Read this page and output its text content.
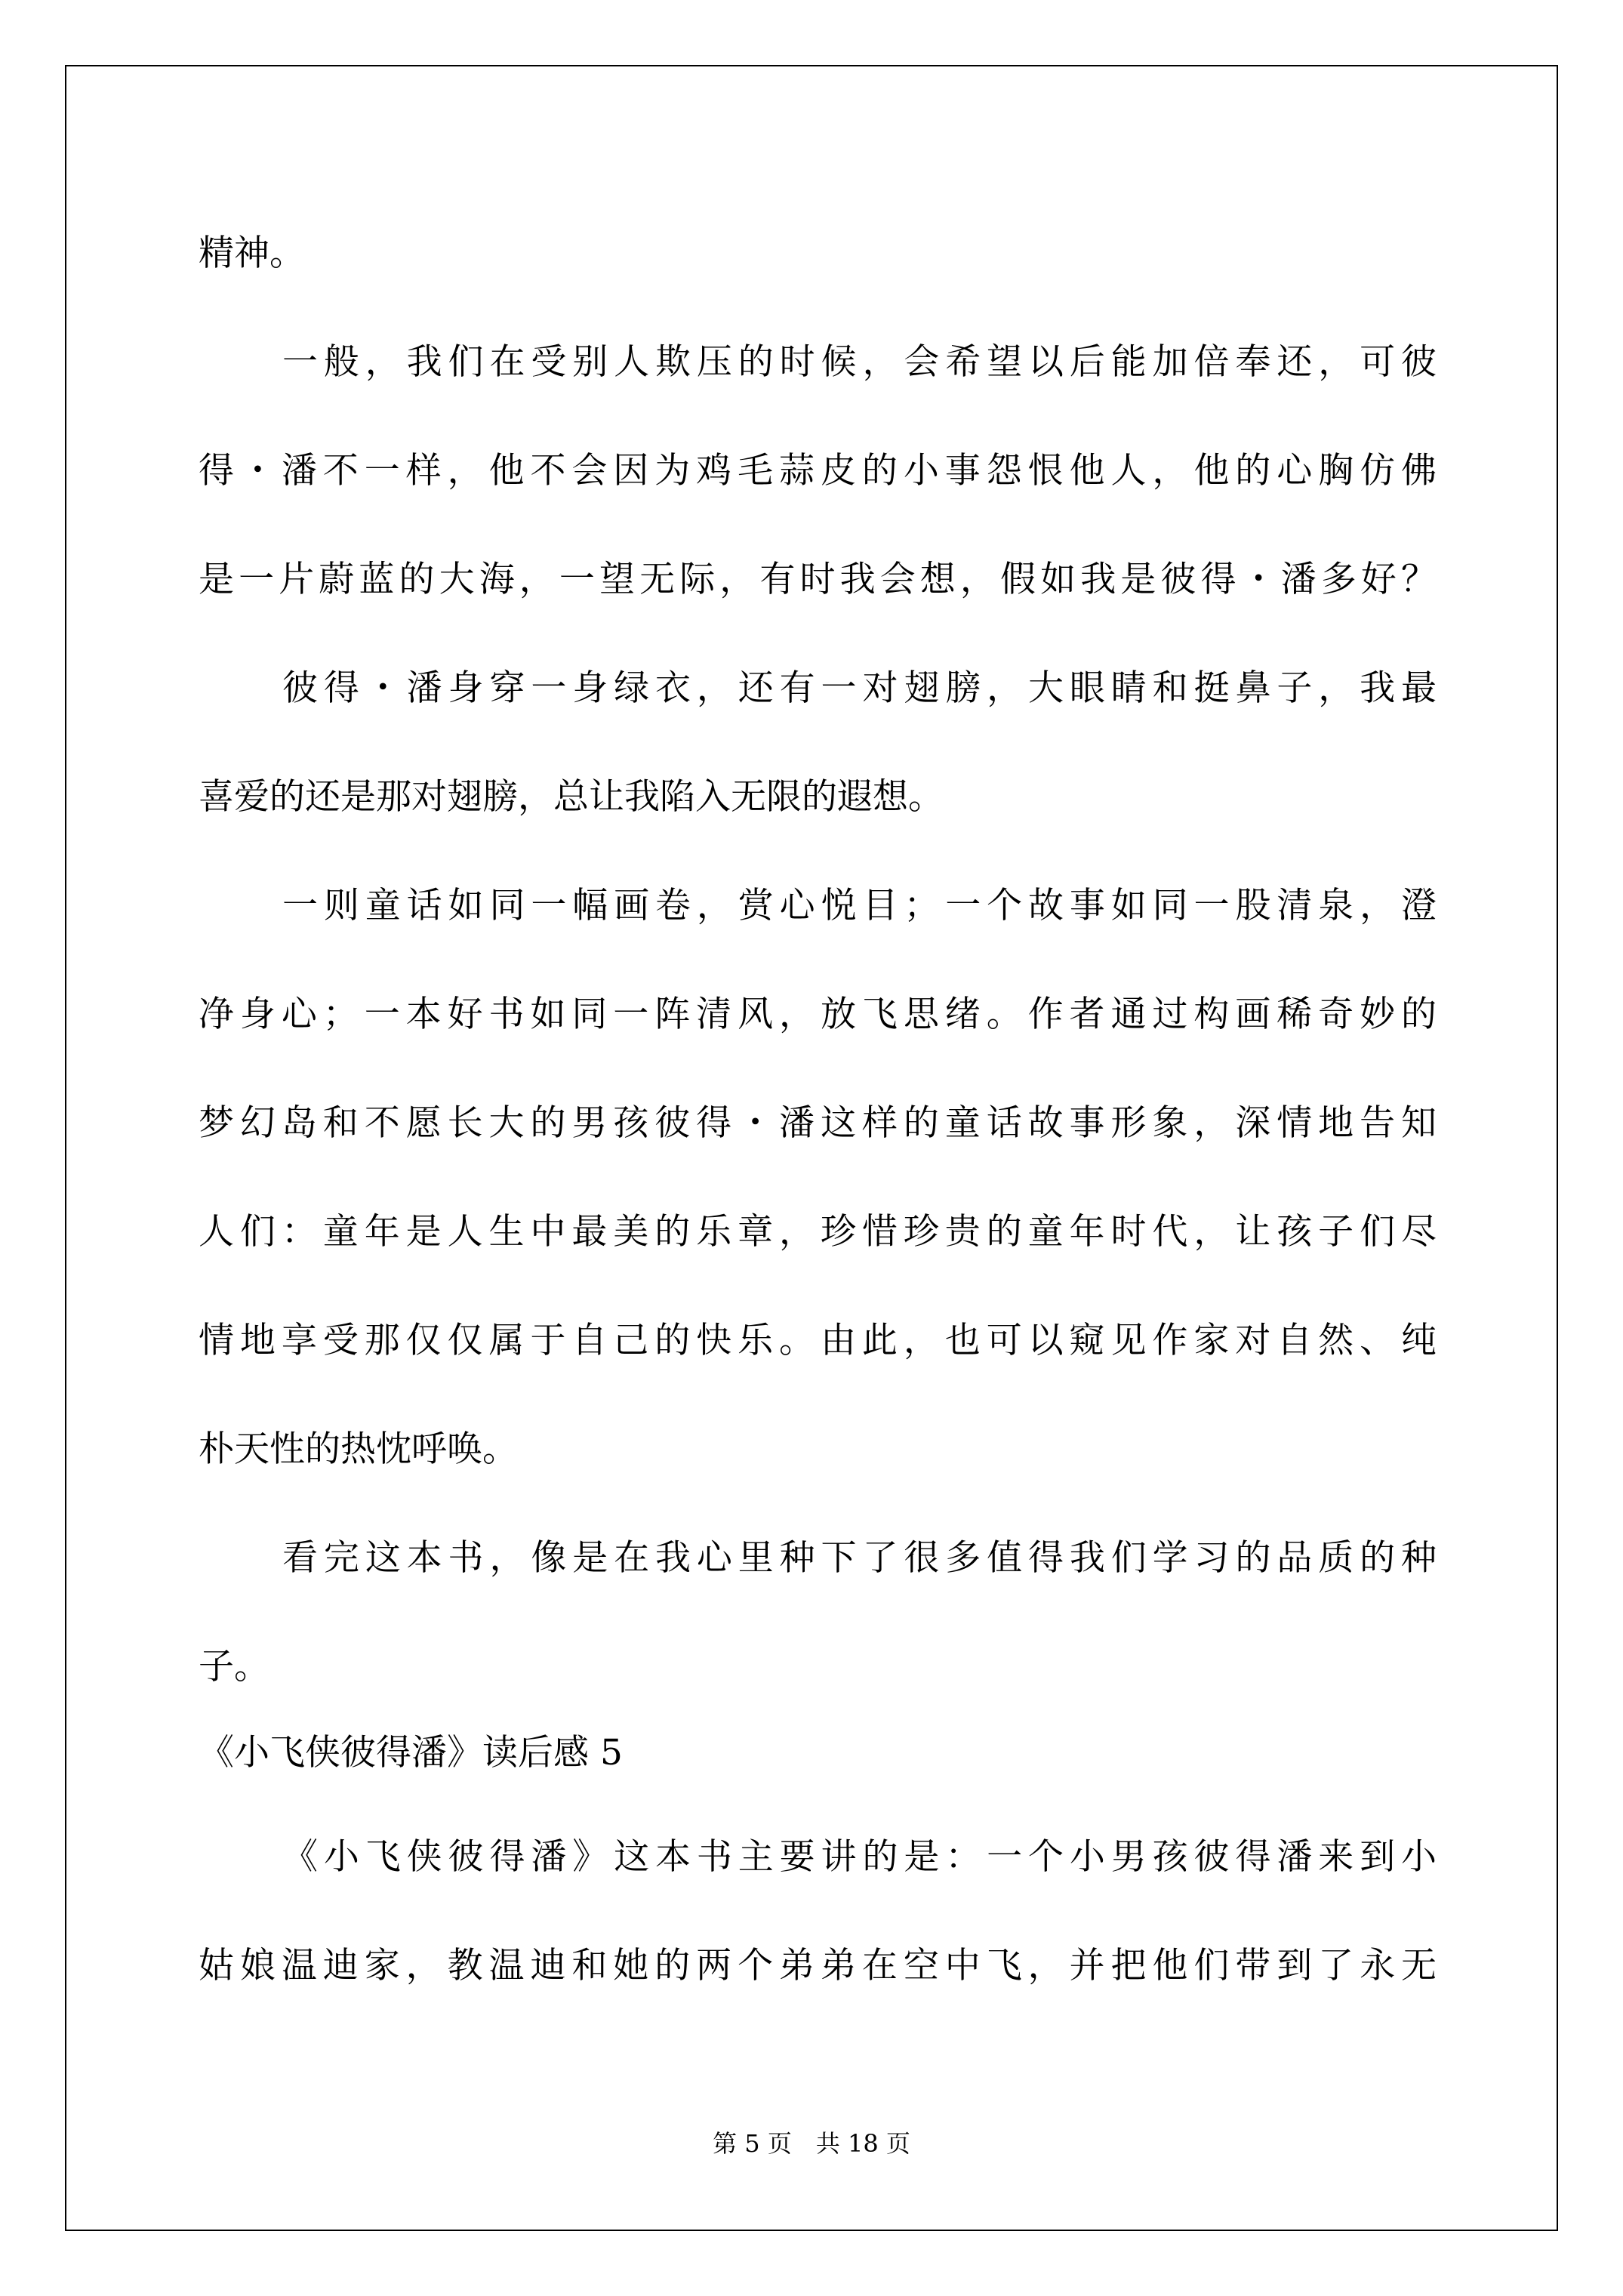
精神。

一般，我们在受别人欺压的时候，会希望以后能加倍奉还，可彼

得・潘不一样，他不会因为鸡毛蒜皮的小事怨恨他人，他的心胸仿佛

是一片蔚蓝的大海，一望无际，有时我会想，假如我是彼得・潘多好？

彼得・潘身穿一身绿衣，还有一对翅膀，大眼睛和挺鼻子，我最

喜爱的还是那对翅膀，总让我陷入无限的遐想。

一则童话如同一幅画卷，赏心悦目；一个故事如同一股清泉，澄

净身心；一本好书如同一阵清风，放飞思绪。作者通过构画稀奇妙的

梦幻岛和不愿长大的男孩彼得・潘这样的童话故事形象，深情地告知

人们：童年是人生中最美的乐章，珍惜珍贵的童年时代，让孩子们尽

情地享受那仅仅属于自己的快乐。由此，也可以窥见作家对自然、纯

朴天性的热忱呼唤。

看完这本书，像是在我心里种下了很多值得我们学习的品质的种

子。

《小飞侠彼得潘》读后感 5

《小飞侠彼得潘》这本书主要讲的是：一个小男孩彼得潘来到小

姑娘温迪家，教温迪和她的两个弟弟在空中飞，并把他们带到了永无

第 5 页　共 18 页
